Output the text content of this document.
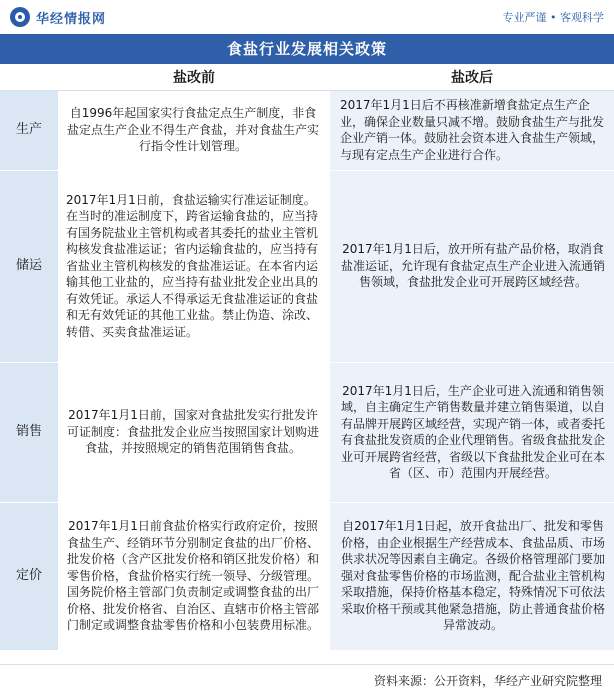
华经情报网	专业严谨 • 客观科学
食盐行业发展相关政策
	盐改前	盐改后
生产	自1996年起国家实行食盐定点生产制度，非食盐定点生产企业不得生产食盐，并对食盐生产实行指令性计划管理。	2017年1月1日后不再核准新增食盐定点生产企业，确保企业数量只减不增。鼓励食盐生产与批发企业产销一体。鼓励社会资本进入食盐生产领域，与现有定点生产企业进行合作。
储运	2017年1月1日前，食盐运输实行准运证制度。在当时的准运制度下，跨省运输食盐的，应当持有国务院盐业主管机构或者其委托的盐业主管机构核发食盐准运证；省内运输食盐的，应当持有省盐业主管机构核发的食盐准运证。在本省内运输其他工业盐的，应当持有盐业批发企业出具的有效凭证。承运人不得承运无食盐准运证的食盐和无有效凭证的其他工业盐。禁止伪造、涂改、转借、买卖食盐准运证。	2017年1月1日后，放开所有盐产品价格，取消食盐准运证，允许现有食盐定点生产企业进入流通销售领域，食盐批发企业可开展跨区域经营。
销售	2017年1月1日前，国家对食盐批发实行批发许可证制度：食盐批发企业应当按照国家计划购进食盐，并按照规定的销售范围销售食盐。	2017年1月1日后，生产企业可进入流通和销售领域，自主确定生产销售数量并建立销售渠道，以自有品牌开展跨区域经营，实现产销一体，或者委托有食盐批发资质的企业代理销售。省级食盐批发企业可开展跨省经营，省级以下食盐批发企业可在本省（区、市）范围内开展经营。
定价	2017年1月1日前食盐价格实行政府定价，按照食盐生产、经销环节分别制定食盐的出厂价格、批发价格（含产区批发价格和销区批发价格）和零售价格，食盐价格实行统一领导、分级管理。国务院价格主管部门负责制定或调整食盐的出厂价格、批发价格省、自治区、直辖市价格主管部门制定或调整食盐零售价格和小包装费用标准。	自2017年1月1日起，放开食盐出厂、批发和零售价格，由企业根据生产经营成本、食盐品质、市场供求状况等因素自主确定。各级价格管理部门要加强对食盐零售价格的市场监测，配合盐业主管机构采取措施，保持价格基本稳定，特殊情况下可依法采取价格干预或其他紧急措施，防止普通食盐价格异常波动。
资料来源：公开资料，华经产业研究院整理
